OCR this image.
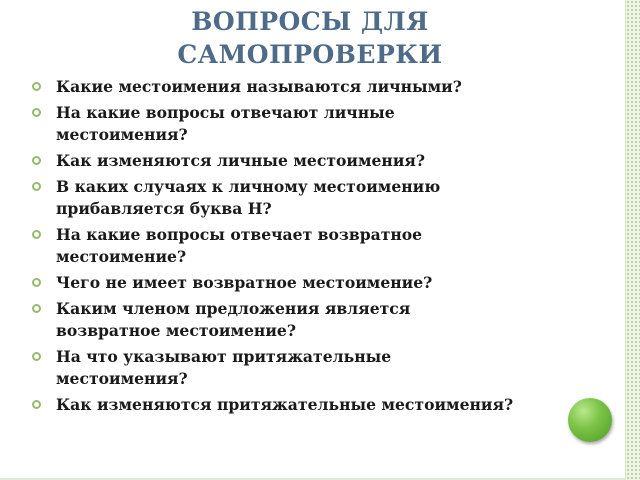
ВОПРОСЫ ДЛЯ
САМОПРОВЕРКИ
Какие местоимения называются личными?
На какие вопросы отвечают личные местоимения?
Как изменяются личные местоимения?
В каких случаях к личному местоимению прибавляется буква Н?
На какие вопросы отвечает возвратное местоимение?
Чего не имеет возвратное местоимение?
Каким членом предложения является возвратное местоимение?
На что указывают притяжательные местоимения?
Как изменяются притяжательные местоимения?
